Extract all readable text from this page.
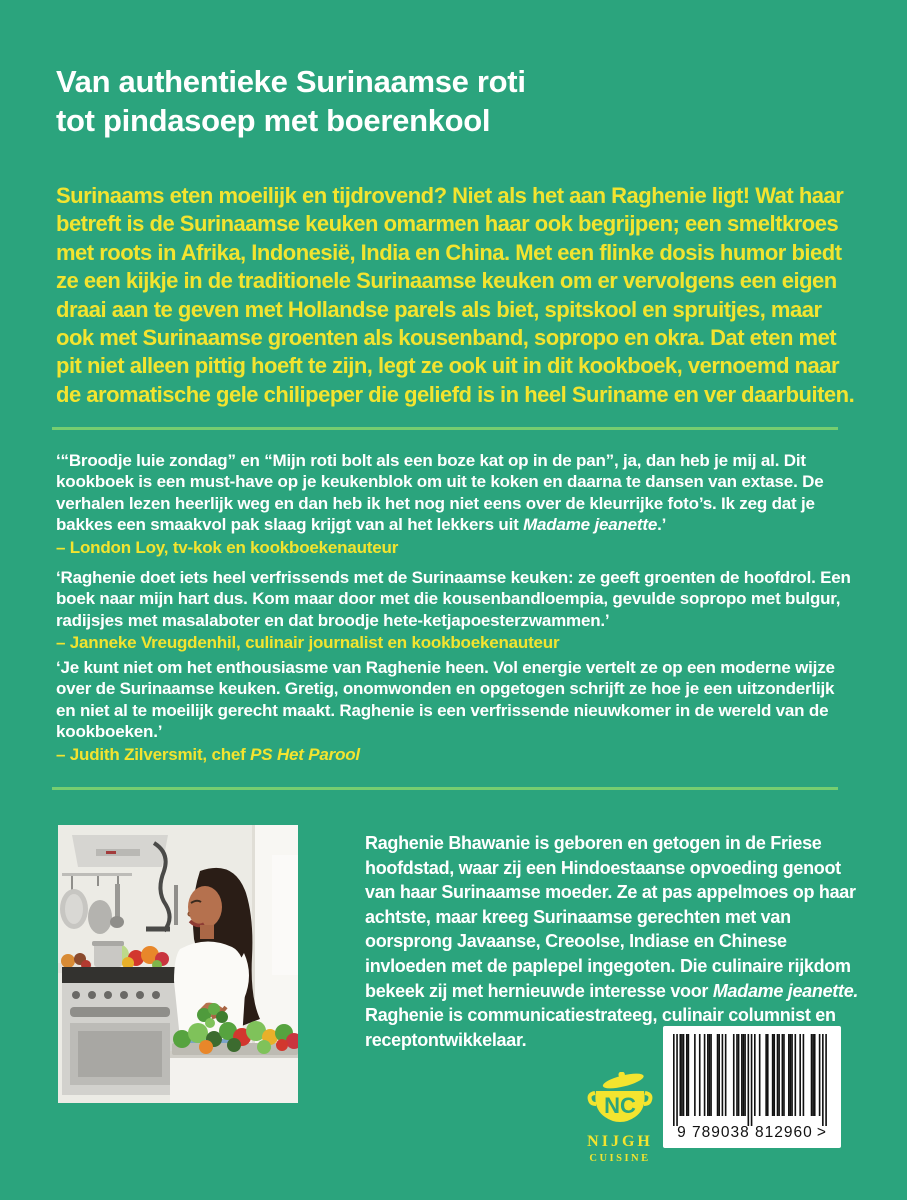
Van authentieke Surinaamse roti
tot pindasoep met boerenkool

Surinaams eten moeilijk en tijdrovend? Niet als het aan Raghenie ligt! Wat haar betreft is de Surinaamse keuken omarmen haar ook begrijpen; een smeltkroes met roots in Afrika, Indonesië, India en China. Met een flinke dosis humor biedt ze een kijkje in de traditionele Surinaamse keuken om er vervolgens een eigen draai aan te geven met Hollandse parels als biet, spitskool en spruitjes, maar ook met Surinaamse groenten als kousenband, sopropo en okra. Dat eten met pit niet alleen pittig hoeft te zijn, legt ze ook uit in dit kookboek, vernoemd naar de aromatische gele chilipeper die geliefd is in heel Suriname en ver daarbuiten.

‘“Broodje luie zondag” en “Mijn roti bolt als een boze kat op in de pan”, ja, dan heb je mij al. Dit kookboek is een must-have op je keukenblok om uit te koken en daarna te dansen van extase. De verhalen lezen heerlijk weg en dan heb ik het nog niet eens over de kleurrijke foto’s. Ik zeg dat je bakkes een smaakvol pak slaag krijgt van al het lekkers uit Madame jeanette.’
– London Loy, tv-kok en kookboekenauteur
‘Raghenie doet iets heel verfrissends met de Surinaamse keuken: ze geeft groenten de hoofdrol. Een boek naar mijn hart dus. Kom maar door met die kousenbandloempia, gevulde sopropo met bulgur, radijsjes met masalaboter en dat broodje hete-ketjapoesterzwammen.’
– Janneke Vreugdenhil, culinair journalist en kookboekenauteur
‘Je kunt niet om het enthousiasme van Raghenie heen. Vol energie vertelt ze op een moderne wijze over de Surinaamse keuken. Gretig, onomwonden en opgetogen schrijft ze hoe je een uitzonderlijk en niet al te moeilijk gerecht maakt. Raghenie is een verfrissende nieuwkomer in de wereld van de kookboeken.’
– Judith Zilversmit, chef PS Het Parool
Raghenie Bhawanie is geboren en getogen in de Friese hoofdstad, waar zij een Hindoestaanse opvoeding genoot van haar Surinaamse moeder. Ze at pas appelmoes op haar achtste, maar kreeg Surinaamse gerechten met van oorsprong Javaanse, Creoolse, Indiase en Chinese invloeden met de paplepel ingegoten. Die culinaire rijkdom bekeek zij met hernieuwde interesse voor Madame jeanette. Raghenie is communicatiestrateeg, culinair columnist en receptontwikkelaar.
NC
NIJGH
CUISINE
9 789038 812960  >
